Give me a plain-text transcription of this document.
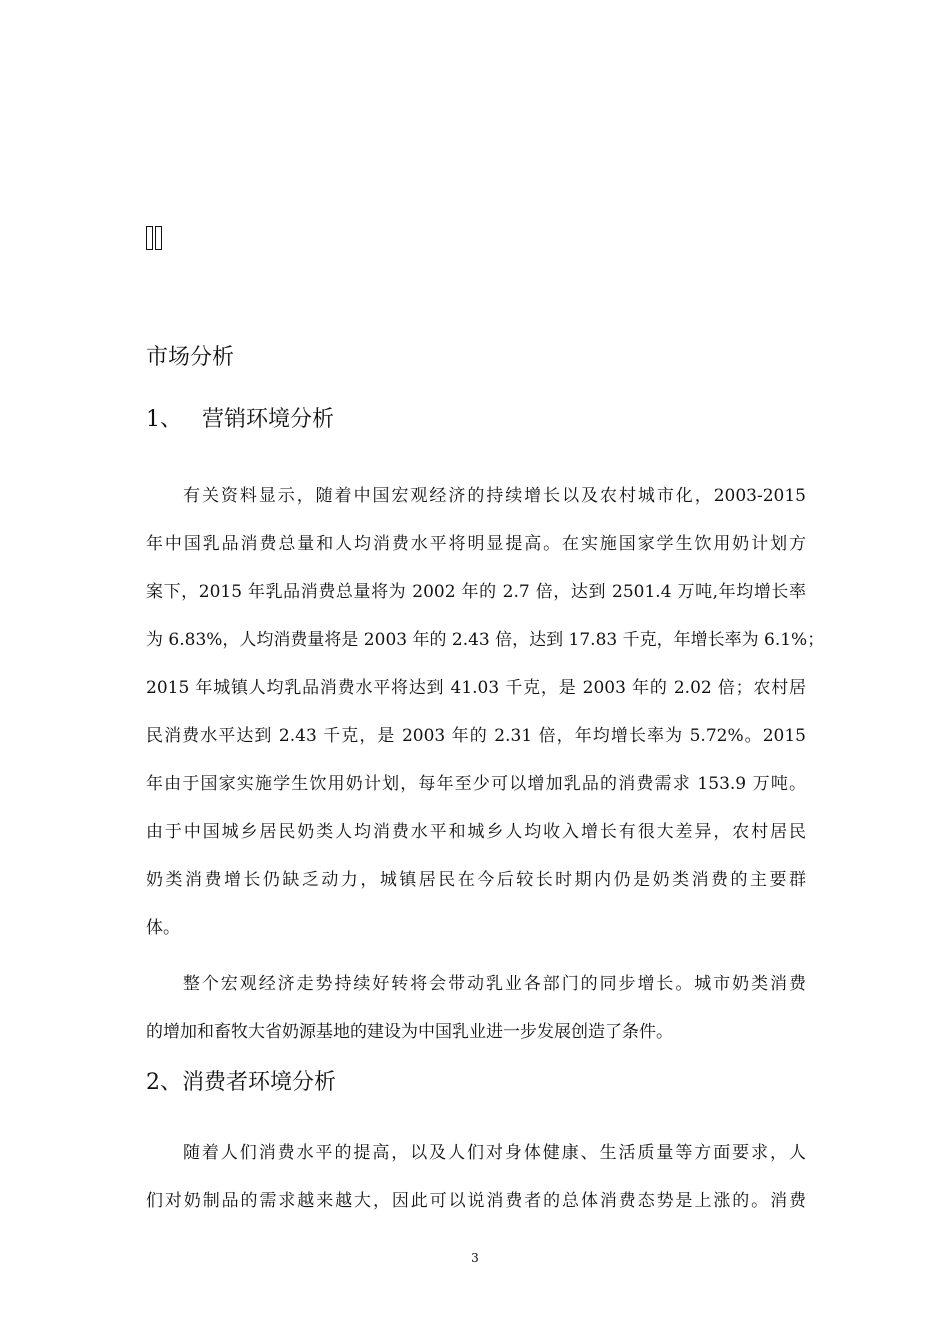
市场分析
1、 营销环境分析
有关资料显示，随着中国宏观经济的持续增长以及农村城市化，2003-2015
年中国乳品消费总量和人均消费水平将明显提高。在实施国家学生饮用奶计划方
案下，2015 年乳品消费总量将为 2002 年的 2.7 倍，达到 2501.4 万吨,年均增长率
为 6.83%，人均消费量将是 2003 年的 2.43 倍，达到 17.83 千克，年增长率为 6.1%；
2015 年城镇人均乳品消费水平将达到 41.03 千克，是 2003 年的 2.02 倍；农村居
民消费水平达到 2.43 千克，是 2003 年的 2.31 倍，年均增长率为 5.72%。2015
年由于国家实施学生饮用奶计划，每年至少可以增加乳品的消费需求 153.9 万吨。
由于中国城乡居民奶类人均消费水平和城乡人均收入增长有很大差异，农村居民
奶类消费增长仍缺乏动力，城镇居民在今后较长时期内仍是奶类消费的主要群
体。
整个宏观经济走势持续好转将会带动乳业各部门的同步增长。城市奶类消费
的增加和畜牧大省奶源基地的建设为中国乳业进一步发展创造了条件。
2、消费者环境分析
随着人们消费水平的提高，以及人们对身体健康、生活质量等方面要求，人
们对奶制品的需求越来越大，因此可以说消费者的总体消费态势是上涨的。消费
3
